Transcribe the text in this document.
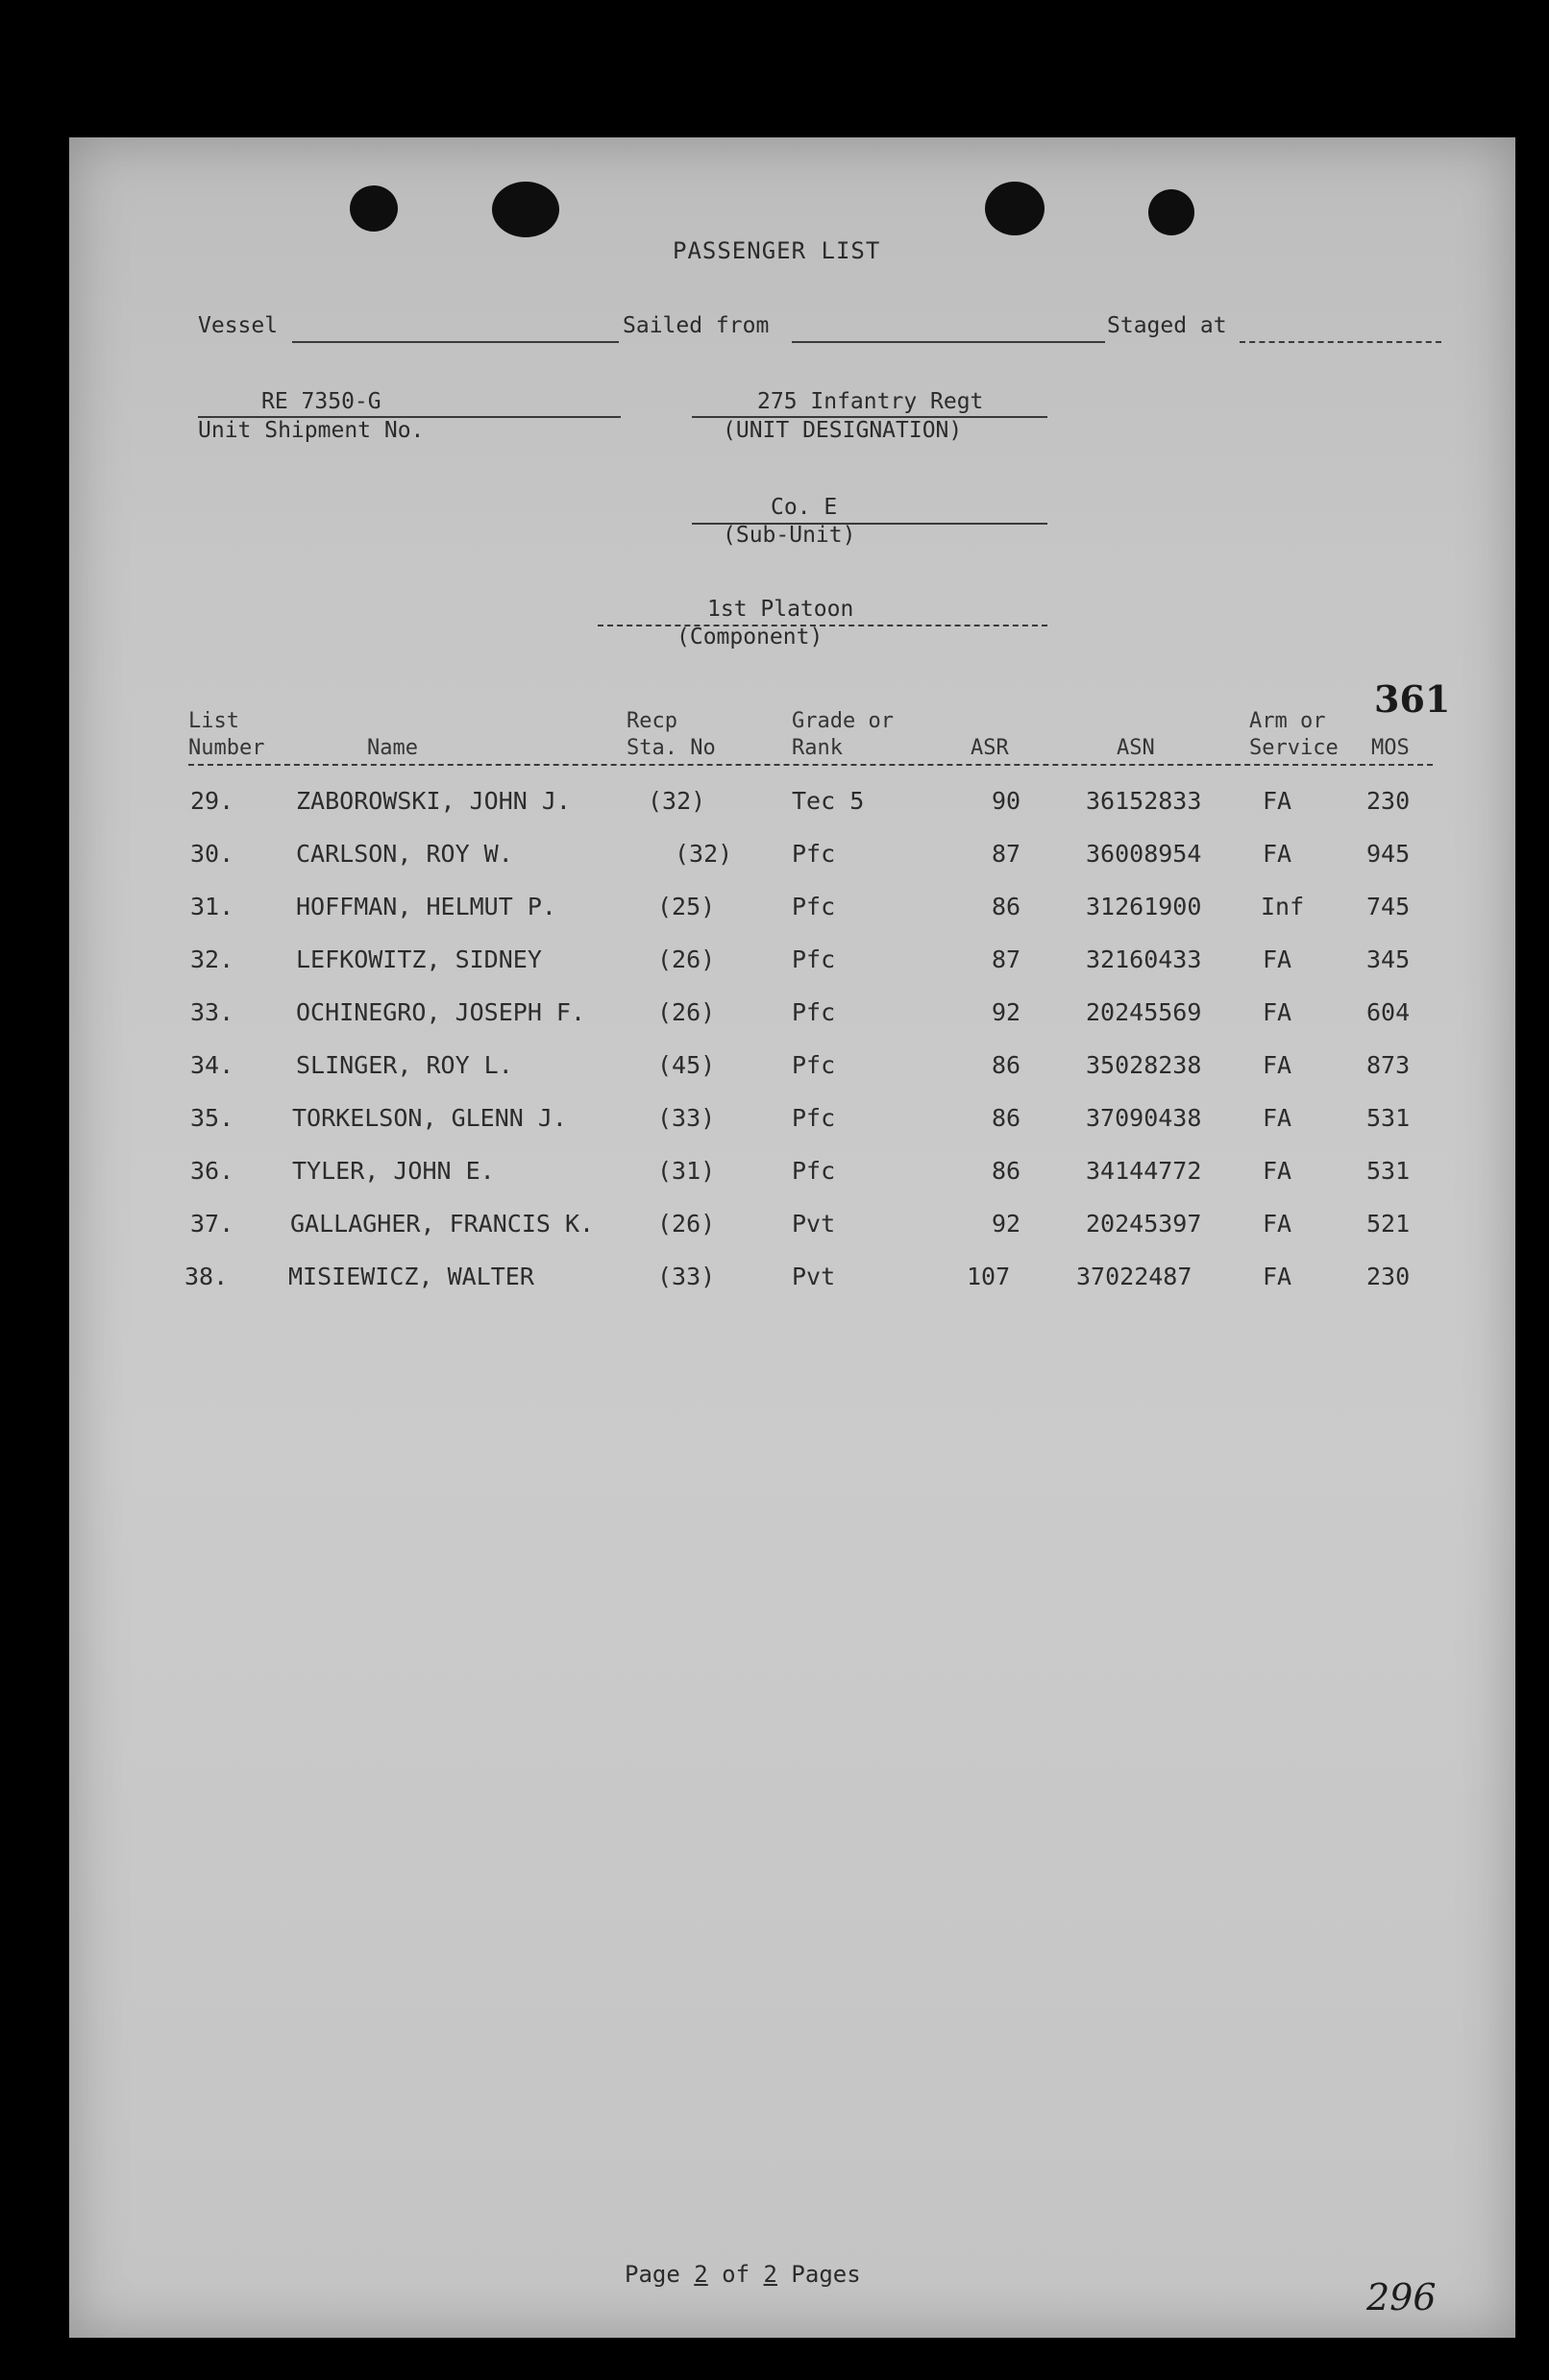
PASSENGER LIST
Vessel	Sailed from	Staged at
RE 7350-G
Unit Shipment No.
275 Infantry Regt
(UNIT DESIGNATION)
Co. E
(Sub-Unit)
1st Platoon
(Component)
361
List
Number	Name
Recp
Sta. No
Grade or
Rank	ASR	ASN
Arm or
Service MOS
29.	ZABOROWSKI, JOHN J.	(32)	Tec 5	90	36152833	FA	230
30.	CARLSON, ROY W.	(32) Pfc	87	36008954	FA	945
31.	HOFFMAN, HELMUT P.	(25)	Pfc	86	31261900 Inf	745
32.	LEFKOWITZ, SIDNEY	(26)	Pfc	87	32160433	FA	345
33.	OCHINEGRO, JOSEPH F.	(26)	Pfc	92	20245569	FA	604
34.	SLINGER, ROY L.	(45)	Pfc	86	35028238	FA	873
35. TORKELSON, GLENN J.	(33)	Pfc	86	37090438	FA	531
36. TYLER, JOHN E.	(31)	Pfc	86	34144772	FA	531
37. GALLAGHER, FRANCIS K.	(26)	Pvt	92	20245397	FA	521
38.	MISIEWICZ, WALTER	(33)	Pvt	107	37022487	FA	230
Page 2 of 2 Pages
296
